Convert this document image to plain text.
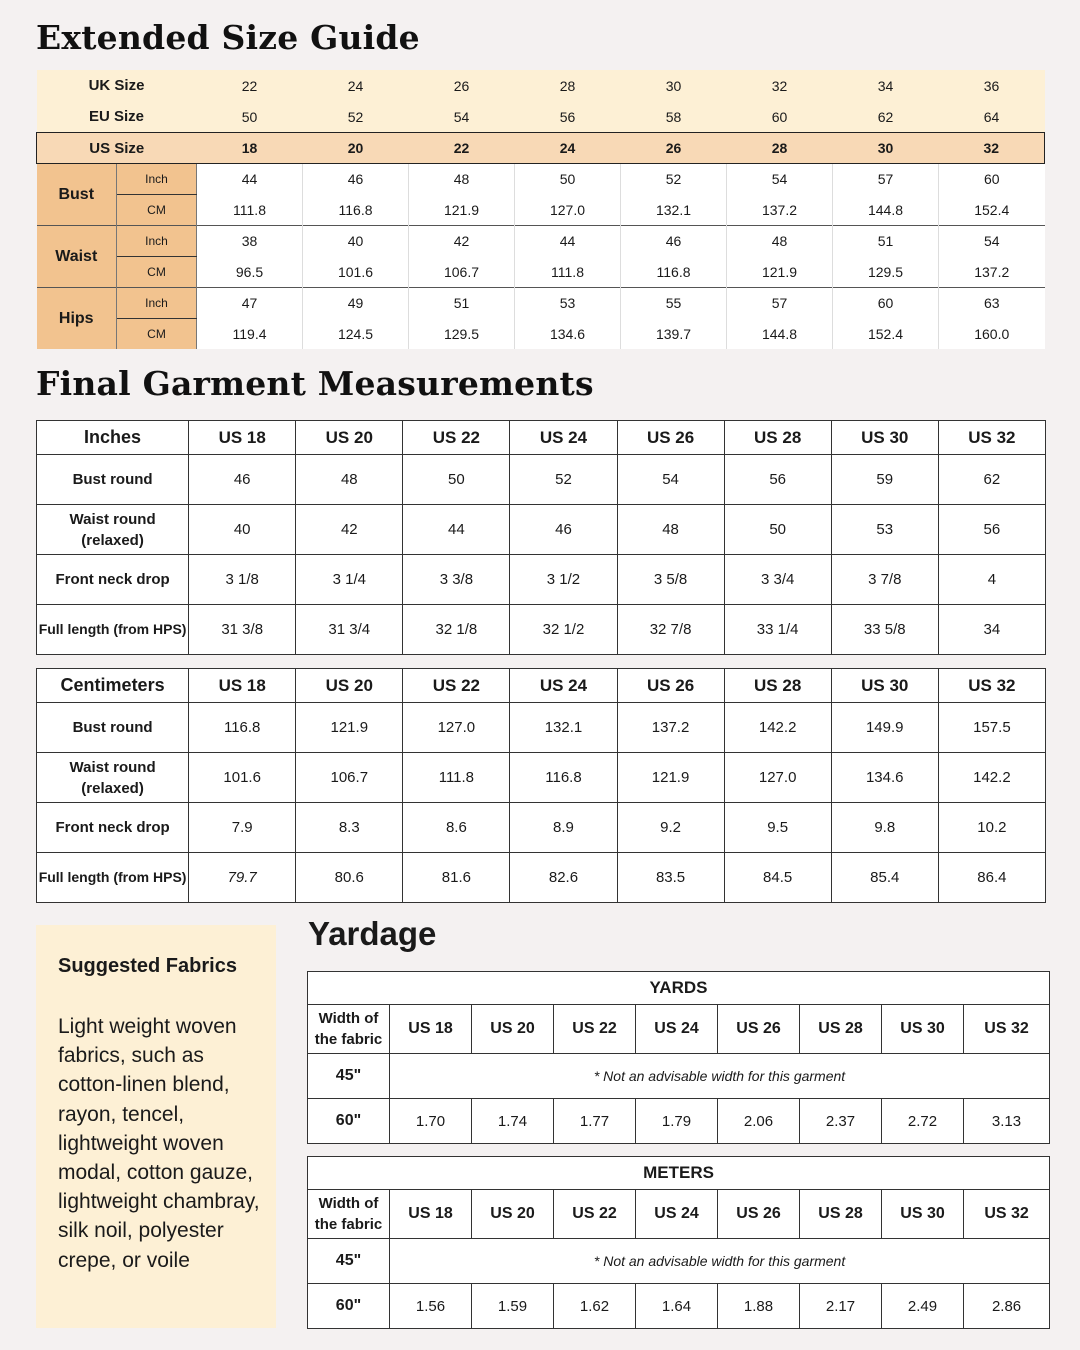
Extended Size Guide
UK Size		22	24	26	28	30	32	34	36
EU Size		50	52	54	56	58	60	62	64
US Size		18	20	22	24	26	28	30	32
Bust	Inch	44	46	48	50	52	54	57	60
	CM	111.8	116.8	121.9	127.0	132.1	137.2	144.8	152.4
Waist	Inch	38	40	42	44	46	48	51	54
	CM	96.5	101.6	106.7	111.8	116.8	121.9	129.5	137.2
Hips	Inch	47	49	51	53	55	57	60	63
	CM	119.4	124.5	129.5	134.6	139.7	144.8	152.4	160.0
Final Garment Measurements
Inches	US 18	US 20	US 22	US 24	US 26	US 28	US 30	US 32
Bust round	46	48	50	52	54	56	59	62
Waist round
(relaxed)	40	42	44	46	48	50	53	56
Front neck drop	3 1/8	3 1/4	3 3/8	3 1/2	3 5/8	3 3/4	3 7/8	4
Full length (from HPS)	31 3/8	31 3/4	32 1/8	32 1/2	32 7/8	33 1/4	33 5/8	34
Centimeters	US 18	US 20	US 22	US 24	US 26	US 28	US 30	US 32
Bust round	116.8	121.9	127.0	132.1	137.2	142.2	149.9	157.5
Waist round
(relaxed)	101.6	106.7	111.8	116.8	121.9	127.0	134.6	142.2
Front neck drop	7.9	8.3	8.6	8.9	9.2	9.5	9.8	10.2
Full length (from HPS)	79.7	80.6	81.6	82.6	83.5	84.5	85.4	86.4
Suggested Fabrics
Light weight woven fabrics, such as cotton-linen blend, rayon, tencel, lightweight woven modal, cotton gauze, lightweight chambray, silk noil, polyester crepe, or voile
Yardage
YARDS								
Width of
the fabric	US 18	US 20	US 22	US 24	US 26	US 28	US 30	US 32
45"	* Not an advisable width for this garment							
60"	1.70	1.74	1.77	1.79	2.06	2.37	2.72	3.13
METERS								
Width of
the fabric	US 18	US 20	US 22	US 24	US 26	US 28	US 30	US 32
45"	* Not an advisable width for this garment							
60"	1.56	1.59	1.62	1.64	1.88	2.17	2.49	2.86
